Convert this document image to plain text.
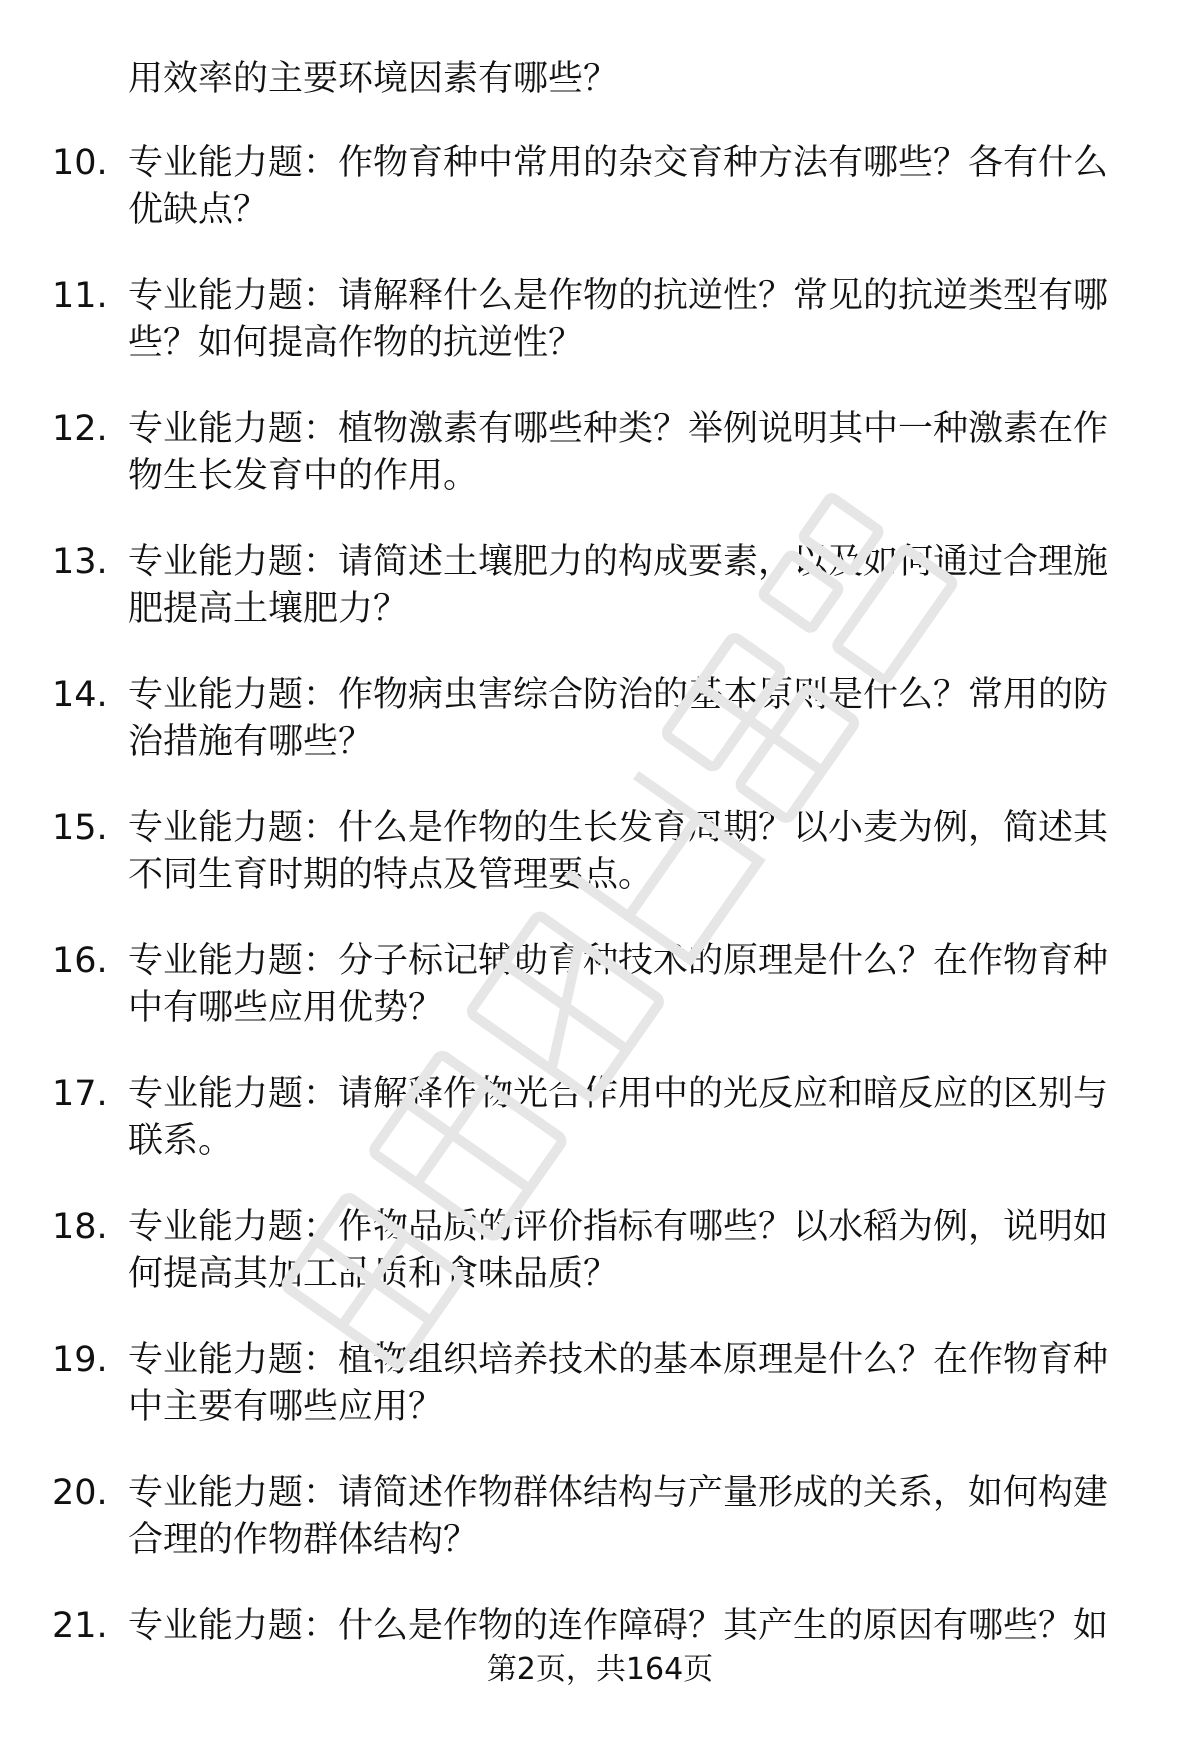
用效率的主要环境因素有哪些？
10. 专业能力题：作物育种中常用的杂交育种方法有哪些？各有什么优缺点？
11. 专业能力题：请解释什么是作物的抗逆性？常见的抗逆类型有哪些？如何提高作物的抗逆性？
12. 专业能力题：植物激素有哪些种类？举例说明其中一种激素在作物生长发育中的作用。
13. 专业能力题：请简述土壤肥力的构成要素，以及如何通过合理施肥提高土壤肥力？
14. 专业能力题：作物病虫害综合防治的基本原则是什么？常用的防治措施有哪些？
15. 专业能力题：什么是作物的生长发育周期？以小麦为例，简述其不同生育时期的特点及管理要点。
16. 专业能力题：分子标记辅助育种技术的原理是什么？在作物育种中有哪些应用优势？
17. 专业能力题：请解释作物光合作用中的光反应和暗反应的区别与联系。
18. 专业能力题：作物品质的评价指标有哪些？以水稻为例，说明如何提高其加工品质和食味品质？
19. 专业能力题：植物组织培养技术的基本原理是什么？在作物育种中主要有哪些应用？
20. 专业能力题：请简述作物群体结构与产量形成的关系，如何构建合理的作物群体结构？
21. 专业能力题：什么是作物的连作障碍？其产生的原因有哪些？如
第2页，共164页
